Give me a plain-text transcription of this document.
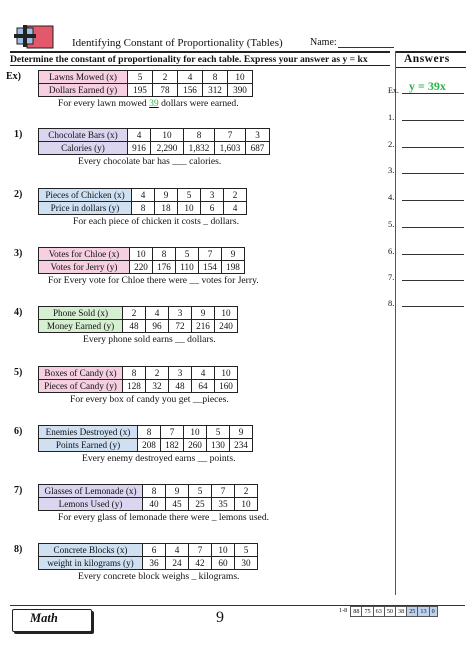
Identifying Constant of Proportionality (Tables)	Name:
Determine the constant of proportionality for each table. Express your answer as y = kx	Answers
Ex. y = 39x
1.
2.
3.
4.
5.
6.
7.
8.
Ex)	Lawns Mowed (x)	5	2	4	8	10
Dollars Earned (y)	195	78	156	312	390
For every lawn mowed 39 dollars were earned.
1)	Chocolate Bars (x)	4	10	8	7	3
Calories (y)	916	2,290	1,832	1,603	687
Every chocolate bar has ___ calories.
2) Pieces of Chicken (x)	4	9	5	3	2
Price in dollars (y)	8	18	10	6	4
For each piece of chicken it costs _ dollars.
3)	Votes for Chloe (x)	10	8	5	7	9
Votes for Jerry (y)	220	176	110	154	198
For Every vote for Chloe there were __ votes for Jerry.
4)	Phone Sold (x)	2	4	3	9	10
Money Earned (y)	48	96	72	216	240
Every phone sold earns __ dollars.
5) Boxes of Candy (x)	8	2	3	4	10
Pieces of Candy (y)	128	32	48	64	160
For every box of candy you get __pieces.
6)	Enemies Destroyed (x)	8	7	10	5	9
Points Earned (y)	208	182	260	130	234
Every enemy destroyed earns __ points.
7) Glasses of Lemonade (x)	8	9	5	7	2
Lemons Used (y)	40	45	25	35	10
For every glass of lemonade there were _ lemons used.
8)	Concrete Blocks (x)	6	4	7	10	5
weight in kilograms (y)	36	24	42	60	30
Every concrete block weighs _ kilograms.
Math	9	1-8 88 75 63 50 38 25 13 0
